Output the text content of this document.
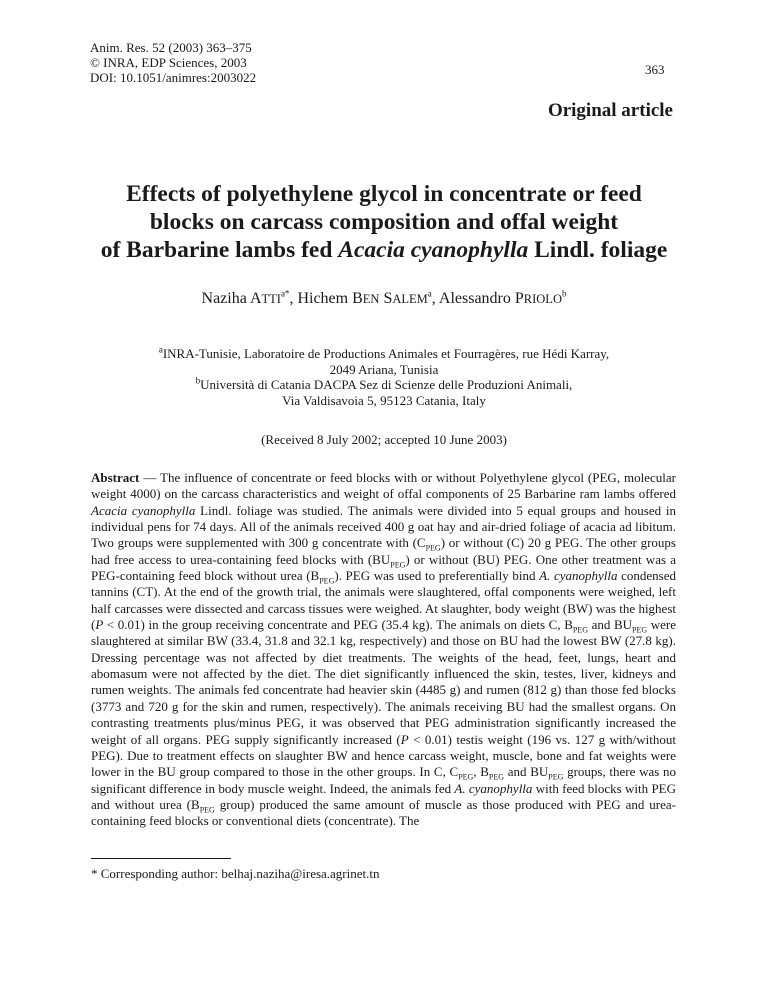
Anim. Res. 52 (2003) 363–375
© INRA, EDP Sciences, 2003
DOI: 10.1051/animres:2003022
363
Original article
Effects of polyethylene glycol in concentrate or feed
blocks on carcass composition and offal weight
of Barbarine lambs fed Acacia cyanophylla Lindl. foliage
Naziha $ATTI^{a*}$, Hichem BEN SALEM$^a$, Alessandro PRIOLO$^b$
$^a$INRA-Tunisie, Laboratoire de Productions Animales et Fourragères, rue Hédi Karray,
2049 Ariana, Tunisia
$^b$Università di Catania DACPA Sez di Scienze delle Produzioni Animali,
Via Valdisavoia 5, 95123 Catania, Italy
(Received 8 July 2002; accepted 10 June 2003)
Abstract — The influence of concentrate or feed blocks with or without Polyethylene glycol (PEG, molecular weight 4000) on the carcass characteristics and weight of offal components of 25 Barbarine ram lambs offered Acacia cyanophylla Lindl. foliage was studied. The animals were divided into 5 equal groups and housed in individual pens for 74 days. All of the animals received 400 g oat hay and air-dried foliage of acacia ad libitum. Two groups were supplemented with 300 g concentrate with $(C_{PEG})$ or without (C) 20 g PEG. The other groups had free access to urea-containing feed blocks with $(BU_{PEG})$ or without (BU) PEG. One other treatment was a PEG-containing feed block without urea $(B_{PEG})$. PEG was used to preferentially bind A. cyanophylla condensed tannins (CT). At the end of the growth trial, the animals were slaughtered, offal components were weighed, left half carcasses were dissected and carcass tissues were weighed. At slaughter, body weight (BW) was the highest (P < 0.01) in the group receiving concentrate and PEG (35.4 kg). The animals on diets C, $B_{PEG}$ and $BU_{PEG}$ were slaughtered at similar BW (33.4, 31.8 and 32.1 kg, respectively) and those on BU had the lowest BW (27.8 kg). Dressing percentage was not affected by diet treatments. The weights of the head, feet, lungs, heart and abomasum were not affected by the diet. The diet significantly influenced the skin, testes, liver, kidneys and rumen weights. The animals fed concentrate had heavier skin (4485 g) and rumen (812 g) than those fed blocks (3773 and 720 g for the skin and rumen, respectively). The animals receiving BU had the smallest organs. On contrasting treatments plus/minus PEG, it was observed that PEG administration significantly increased the weight of all organs. PEG supply significantly increased (P < 0.01) testis weight (196 vs. 127 g with/without PEG). Due to treatment effects on slaughter BW and hence carcass weight, muscle, bone and fat weights were lower in the BU group compared to those in the other groups. In C, $C_{PEG}$, $B_{PEG}$ and $BU_{PEG}$ groups, there was no significant difference in body muscle weight. Indeed, the animals fed A. cyanophylla with feed blocks with PEG and without urea ($B_{PEG}$ group) produced the same amount of muscle as those produced with PEG and urea-containing feed blocks or conventional diets (concentrate). The
* Corresponding author: belhaj.naziha@iresa.agrinet.tn
